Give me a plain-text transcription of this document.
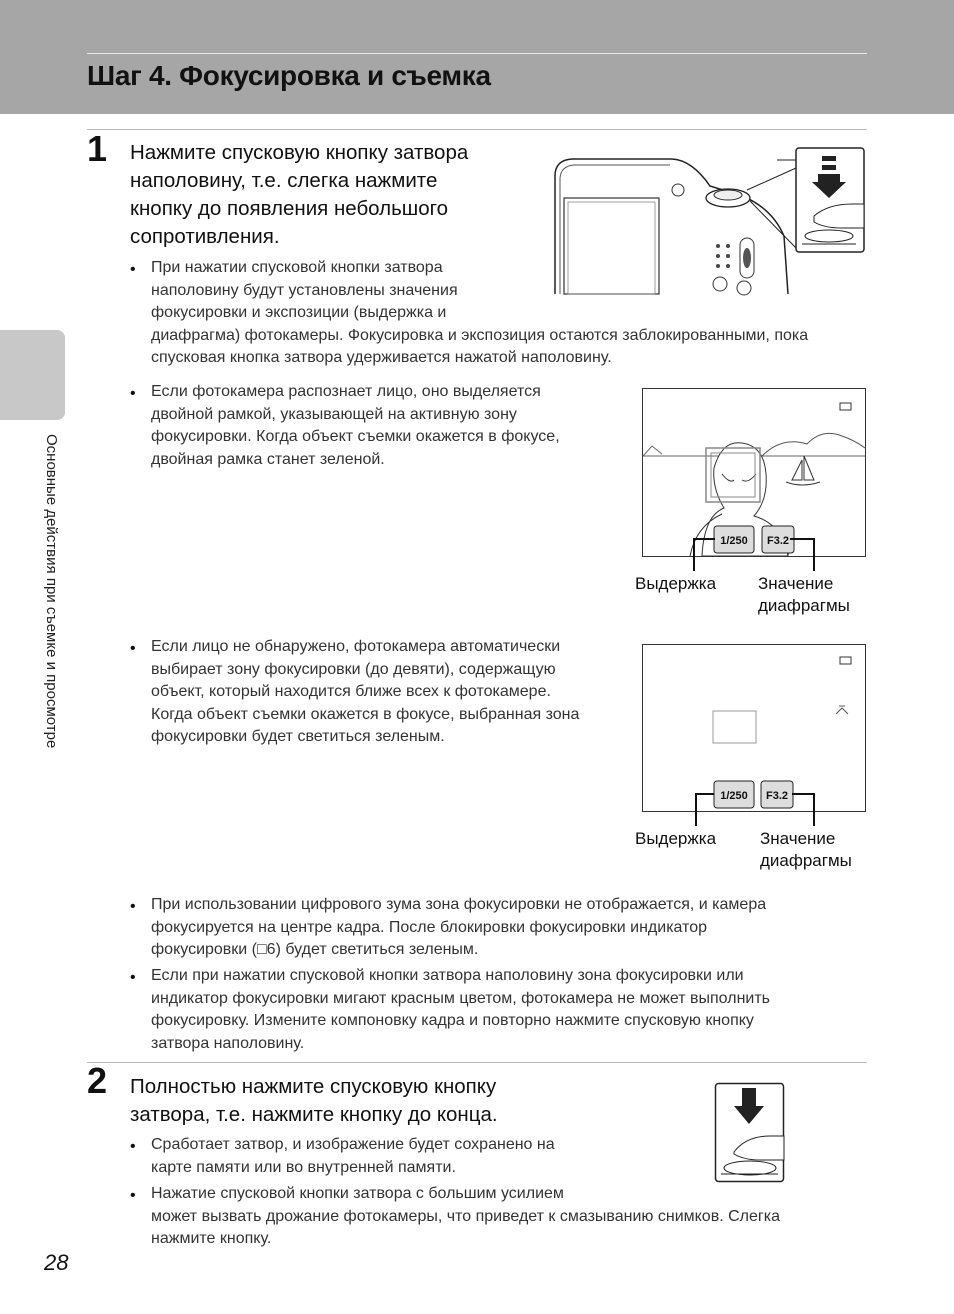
Шаг 4. Фокусировка и съемка
Основные действия при съемке и просмотре
1 Нажмите спусковую кнопку затвора
наполовину, т.е. слегка нажмите
кнопку до появления небольшого
сопротивления.
• При нажатии спусковой кнопки затвора
наполовину будут установлены значения
фокусировки и экспозиции (выдержка и
диафрагма) фотокамеры. Фокусировка и экспозиция остаются заблокированными, пока
спусковая кнопка затвора удерживается нажатой наполовину.
• Если фотокамера распознает лицо, оно выделяется
двойной рамкой, указывающей на активную зону
фокусировки. Когда объект съемки окажется в фокусе,
двойная рамка станет зеленой.
1/250 F3.2
Выдержка Значение
диафрагмы
• Если лицо не обнаружено, фотокамера автоматически
выбирает зону фокусировки (до девяти), содержащую
объект, который находится ближе всех к фотокамере.
Когда объект съемки окажется в фокусе, выбранная зона
фокусировки будет светиться зеленым.
1/250 F3.2
Выдержка	Значение
диафрагмы
• При использовании цифрового зума зона фокусировки не отображается, и камера
фокусируется на центре кадра. После блокировки фокусировки индикатор
фокусировки (□6) будет светиться зеленым.
• Если при нажатии спусковой кнопки затвора наполовину зона фокусировки или
индикатор фокусировки мигают красным цветом, фотокамера не может выполнить
фокусировку. Измените компоновку кадра и повторно нажмите спусковую кнопку
затвора наполовину.
2 Полностью нажмите спусковую кнопку
затвора, т.е. нажмите кнопку до конца.
• Сработает затвор, и изображение будет сохранено на
карте памяти или во внутренней памяти.
• Нажатие спусковой кнопки затвора с большим усилием
может вызвать дрожание фотокамеры, что приведет к смазыванию снимков. Слегка
нажмите кнопку.
28
